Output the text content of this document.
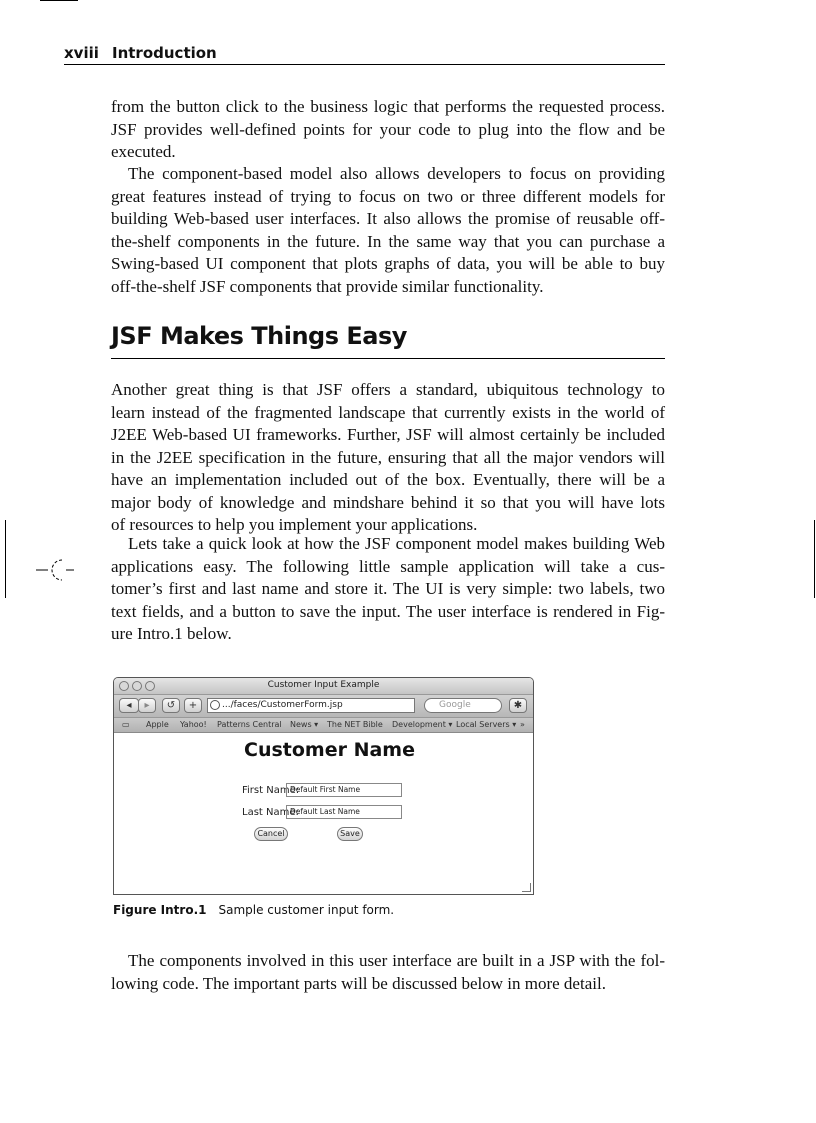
xviii Introduction

from the button click to the business logic that performs the requested process.
JSF provides well-defined points for your code to plug into the flow and be
executed.

The component-based model also allows developers to focus on providing
great features instead of trying to focus on two or three different models for
building Web-based user interfaces. It also allows the promise of reusable off-
the-shelf components in the future. In the same way that you can purchase a
Swing-based UI component that plots graphs of data, you will be able to buy
off-the-shelf JSF components that provide similar functionality.

JSF Makes Things Easy

Another great thing is that JSF offers a standard, ubiquitous technology to
learn instead of the fragmented landscape that currently exists in the world of
J2EE Web-based UI frameworks. Further, JSF will almost certainly be included
in the J2EE specification in the future, ensuring that all the major vendors will
have an implementation included out of the box. Eventually, there will be a
major body of knowledge and mindshare behind it so that you will have lots
of resources to help you implement your applications.

Lets take a quick look at how the JSF component model makes building Web
applications easy. The following little sample application will take a cus-
tomer’s first and last name and store it. The UI is very simple: two labels, two
text fields, and a button to save the input. The user interface is rendered in Fig-
ure Intro.1 below.

Customer Input Example
◂	▸	↺	+	.../faces/CustomerForm.jsp	Google	✱
▭ Apple Yahoo! Patterns Central News ▾ The NET Bible Development ▾ Local Servers ▾ »
Customer Name
First Name:
Default First Name
Last Name:
Default Last Name
Cancel	Save
Figure Intro.1 Sample customer input form.

The components involved in this user interface are built in a JSP with the fol-
lowing code. The important parts will be discussed below in more detail.
